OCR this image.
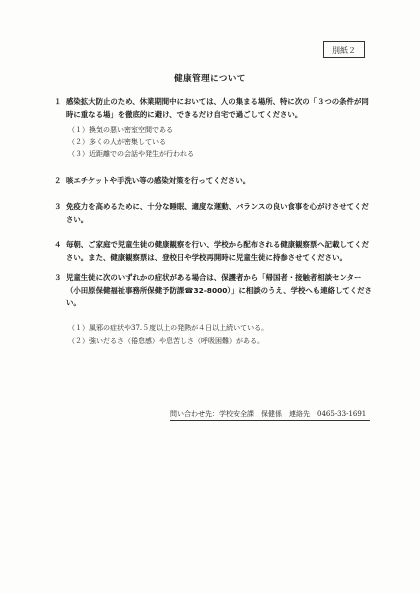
別紙２
健康管理について
１ 感染拡大防止のため、休業期間中においては、人の集まる場所、特に次の「３つの条件が同時に重なる場」を徹底的に避け、できるだけ自宅で過ごしてください。
（１）換気の悪い密室空間である
（２）多くの人が密集している
（３）近距離での会話や発生が行われる
２ 咳エチケットや手洗い等の感染対策を行ってください。
３ 免疫力を高めるために、十分な睡眠、適度な運動、バランスの良い食事を心がけさせてください。
４ 毎朝、ご家庭で児童生徒の健康観察を行い、学校から配布される健康観察票へ記載してください。また、健康観察票は、登校日や学校再開時に児童生徒に持参させてください。
３ 児童生徒に次のいずれかの症状がある場合は、保護者から「帰国者・接触者相談センター（小田原保健福祉事務所保健予防課☎32-8000）」に相談のうえ、学校へも連絡してください。
（１）風邪の症状や37.５度以上の発熱が４日以上続いている。
（２）強いだるさ（倦怠感）や息苦しさ（呼吸困難）がある。
問い合わせ先：学校安全課　保健係　連絡先　0465-33-1691
